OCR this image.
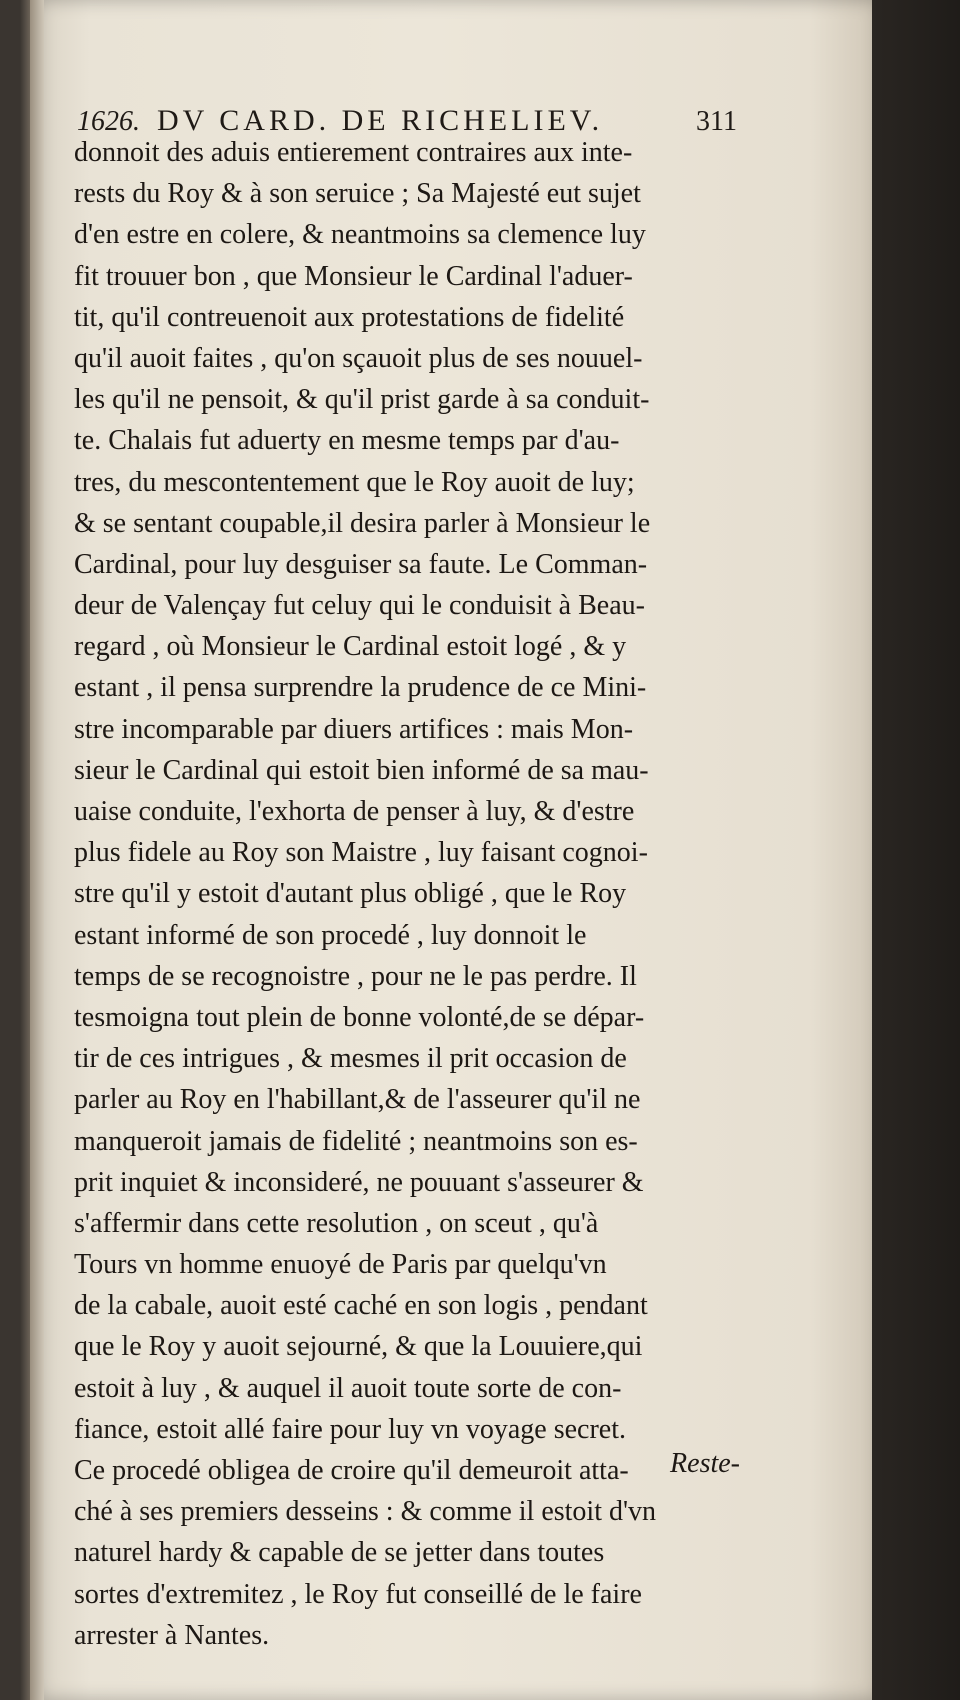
1626. DV CARD. DE RICHELIEV.	311
donnoit des aduis entierement contraires aux inte-
rests du Roy & à son seruice ; Sa Majesté eut sujet
d'en estre en colere, & neantmoins sa clemence luy
fit trouuer bon , que Monsieur le Cardinal l'aduer-
tit, qu'il contreuenoit aux protestations de fidelité
qu'il auoit faites , qu'on sçauoit plus de ses nouuel-
les qu'il ne pensoit, & qu'il prist garde à sa conduit-
te. Chalais fut aduerty en mesme temps par d'au-
tres, du mescontentement que le Roy auoit de luy;
& se sentant coupable,il desira parler à Monsieur le
Cardinal, pour luy desguiser sa faute. Le Comman-
deur de Valençay fut celuy qui le conduisit à Beau-
regard , où Monsieur le Cardinal estoit logé , & y
estant , il pensa surprendre la prudence de ce Mini-
stre incomparable par diuers artifices : mais Mon-
sieur le Cardinal qui estoit bien informé de sa mau-
uaise conduite, l'exhorta de penser à luy, & d'estre
plus fidele au Roy son Maistre , luy faisant cognoi-
stre qu'il y estoit d'autant plus obligé , que le Roy
estant informé de son procedé , luy donnoit le
temps de se recognoistre , pour ne le pas perdre. Il
tesmoigna tout plein de bonne volonté,de se dépar-
tir de ces intrigues , & mesmes il prit occasion de
parler au Roy en l'habillant,& de l'asseurer qu'il ne
manqueroit jamais de fidelité ; neantmoins son es-
prit inquiet & inconsideré, ne pouuant s'asseurer &
s'affermir dans cette resolution , on sceut , qu'à
Tours vn homme enuoyé de Paris par quelqu'vn
de la cabale, auoit esté caché en son logis , pendant
que le Roy y auoit sejourné, & que la Louuiere,qui
estoit à luy , & auquel il auoit toute sorte de con-
fiance, estoit allé faire pour luy vn voyage secret.
Ce procedé obligea de croire qu'il demeuroit atta-
ché à ses premiers desseins : & comme il estoit d'vn
naturel hardy & capable de se jetter dans toutes
sortes d'extremitez , le Roy fut conseillé de le faire
arrester à Nantes.
Reste-
